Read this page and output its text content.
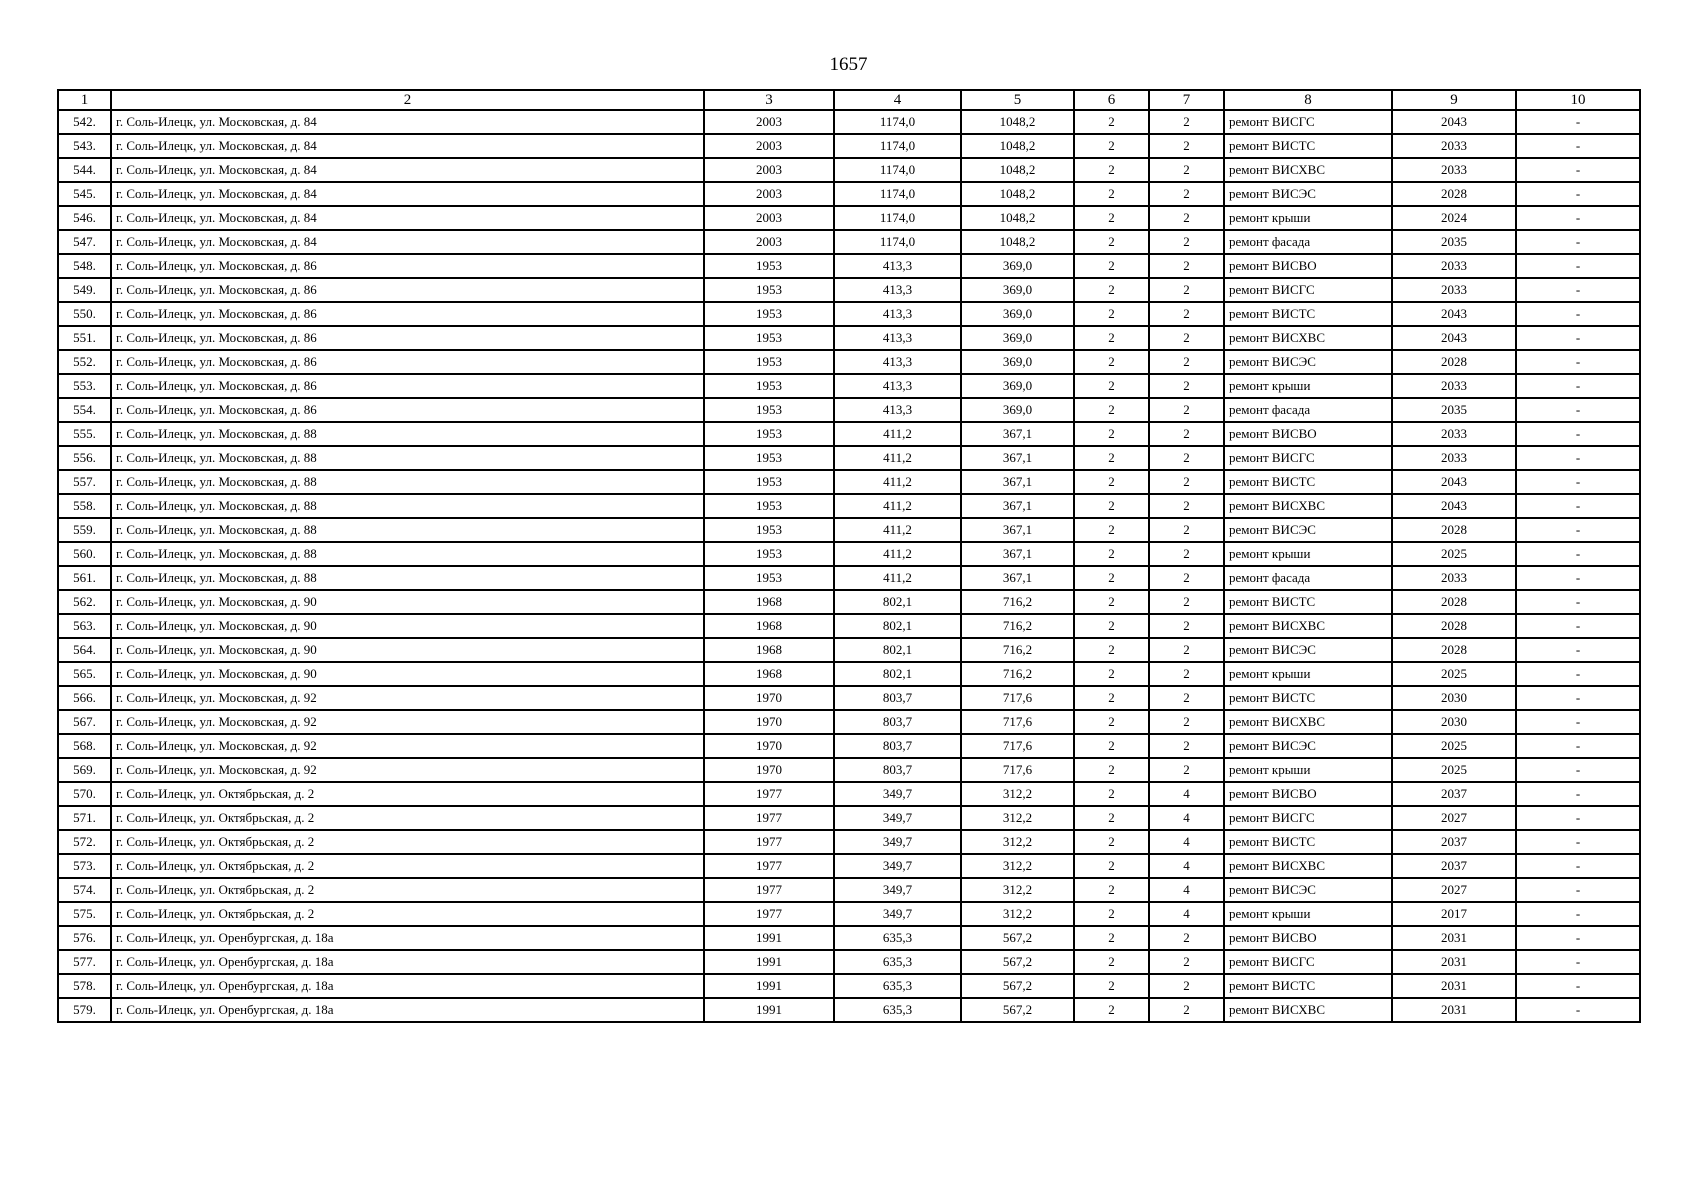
1657
1	2	3	4	5	6	7	8	9	10
542.	г. Соль-Илецк, ул. Московская, д. 84	2003	1174,0	1048,2	2	2	ремонт ВИСГС	2043	-
543.	г. Соль-Илецк, ул. Московская, д. 84	2003	1174,0	1048,2	2	2	ремонт ВИСТС	2033	-
544.	г. Соль-Илецк, ул. Московская, д. 84	2003	1174,0	1048,2	2	2	ремонт ВИСХВС	2033	-
545.	г. Соль-Илецк, ул. Московская, д. 84	2003	1174,0	1048,2	2	2	ремонт ВИСЭС	2028	-
546.	г. Соль-Илецк, ул. Московская, д. 84	2003	1174,0	1048,2	2	2	ремонт крыши	2024	-
547.	г. Соль-Илецк, ул. Московская, д. 84	2003	1174,0	1048,2	2	2	ремонт фасада	2035	-
548.	г. Соль-Илецк, ул. Московская, д. 86	1953	413,3	369,0	2	2	ремонт ВИСВО	2033	-
549.	г. Соль-Илецк, ул. Московская, д. 86	1953	413,3	369,0	2	2	ремонт ВИСГС	2033	-
550.	г. Соль-Илецк, ул. Московская, д. 86	1953	413,3	369,0	2	2	ремонт ВИСТС	2043	-
551.	г. Соль-Илецк, ул. Московская, д. 86	1953	413,3	369,0	2	2	ремонт ВИСХВС	2043	-
552.	г. Соль-Илецк, ул. Московская, д. 86	1953	413,3	369,0	2	2	ремонт ВИСЭС	2028	-
553.	г. Соль-Илецк, ул. Московская, д. 86	1953	413,3	369,0	2	2	ремонт крыши	2033	-
554.	г. Соль-Илецк, ул. Московская, д. 86	1953	413,3	369,0	2	2	ремонт фасада	2035	-
555.	г. Соль-Илецк, ул. Московская, д. 88	1953	411,2	367,1	2	2	ремонт ВИСВО	2033	-
556.	г. Соль-Илецк, ул. Московская, д. 88	1953	411,2	367,1	2	2	ремонт ВИСГС	2033	-
557.	г. Соль-Илецк, ул. Московская, д. 88	1953	411,2	367,1	2	2	ремонт ВИСТС	2043	-
558.	г. Соль-Илецк, ул. Московская, д. 88	1953	411,2	367,1	2	2	ремонт ВИСХВС	2043	-
559.	г. Соль-Илецк, ул. Московская, д. 88	1953	411,2	367,1	2	2	ремонт ВИСЭС	2028	-
560.	г. Соль-Илецк, ул. Московская, д. 88	1953	411,2	367,1	2	2	ремонт крыши	2025	-
561.	г. Соль-Илецк, ул. Московская, д. 88	1953	411,2	367,1	2	2	ремонт фасада	2033	-
562.	г. Соль-Илецк, ул. Московская, д. 90	1968	802,1	716,2	2	2	ремонт ВИСТС	2028	-
563.	г. Соль-Илецк, ул. Московская, д. 90	1968	802,1	716,2	2	2	ремонт ВИСХВС	2028	-
564.	г. Соль-Илецк, ул. Московская, д. 90	1968	802,1	716,2	2	2	ремонт ВИСЭС	2028	-
565.	г. Соль-Илецк, ул. Московская, д. 90	1968	802,1	716,2	2	2	ремонт крыши	2025	-
566.	г. Соль-Илецк, ул. Московская, д. 92	1970	803,7	717,6	2	2	ремонт ВИСТС	2030	-
567.	г. Соль-Илецк, ул. Московская, д. 92	1970	803,7	717,6	2	2	ремонт ВИСХВС	2030	-
568.	г. Соль-Илецк, ул. Московская, д. 92	1970	803,7	717,6	2	2	ремонт ВИСЭС	2025	-
569.	г. Соль-Илецк, ул. Московская, д. 92	1970	803,7	717,6	2	2	ремонт крыши	2025	-
570.	г. Соль-Илецк, ул. Октябрьская, д. 2	1977	349,7	312,2	2	4	ремонт ВИСВО	2037	-
571.	г. Соль-Илецк, ул. Октябрьская, д. 2	1977	349,7	312,2	2	4	ремонт ВИСГС	2027	-
572.	г. Соль-Илецк, ул. Октябрьская, д. 2	1977	349,7	312,2	2	4	ремонт ВИСТС	2037	-
573.	г. Соль-Илецк, ул. Октябрьская, д. 2	1977	349,7	312,2	2	4	ремонт ВИСХВС	2037	-
574.	г. Соль-Илецк, ул. Октябрьская, д. 2	1977	349,7	312,2	2	4	ремонт ВИСЭС	2027	-
575.	г. Соль-Илецк, ул. Октябрьская, д. 2	1977	349,7	312,2	2	4	ремонт крыши	2017	-
576.	г. Соль-Илецк, ул. Оренбургская, д. 18а	1991	635,3	567,2	2	2	ремонт ВИСВО	2031	-
577.	г. Соль-Илецк, ул. Оренбургская, д. 18а	1991	635,3	567,2	2	2	ремонт ВИСГС	2031	-
578.	г. Соль-Илецк, ул. Оренбургская, д. 18а	1991	635,3	567,2	2	2	ремонт ВИСТС	2031	-
579.	г. Соль-Илецк, ул. Оренбургская, д. 18а	1991	635,3	567,2	2	2	ремонт ВИСХВС	2031	-
